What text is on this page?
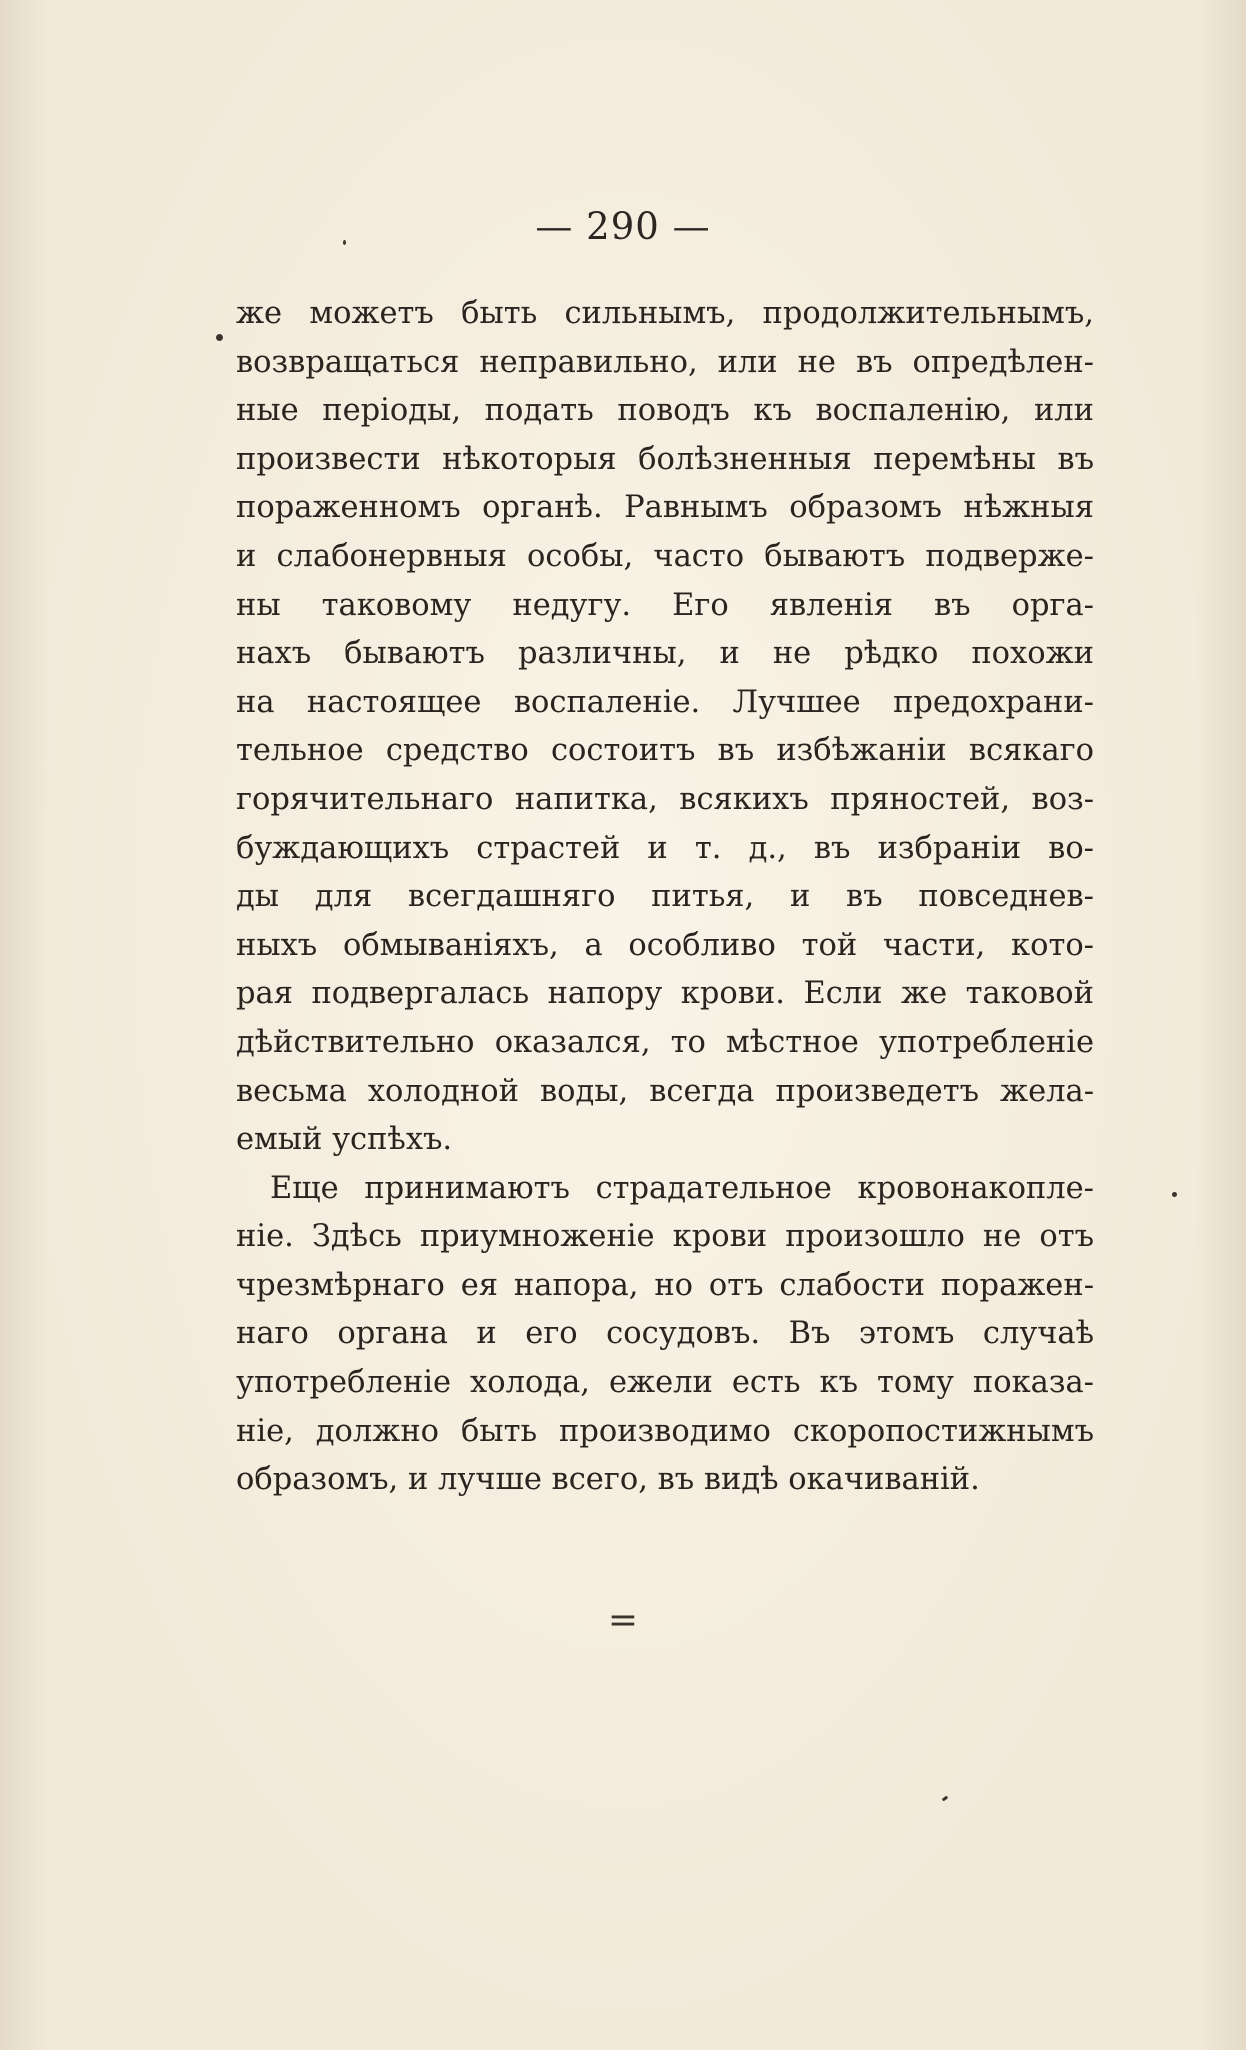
— 290 —
же можетъ быть сильнымъ, продолжительнымъ,
возвращаться неправильно, или не въ опредѣлен-
ные періоды, подать поводъ къ воспаленію, или
произвести нѣкоторыя болѣзненныя перемѣны въ
пораженномъ органѣ. Равнымъ образомъ нѣжныя
и слабонервныя особы, часто бываютъ подверже-
ны таковому недугу. Его явленія въ орга-
нахъ бываютъ различны, и не рѣдко похожи
на настоящее воспаленіе. Лучшее предохрани-
тельное средство состоитъ въ избѣжаніи всякаго
горячительнаго напитка, всякихъ пряностей, воз-
буждающихъ страстей и т. д., въ избраніи во-
ды для всегдашняго питья, и въ повседнев-
ныхъ обмываніяхъ, а особливо той части, кото-
рая подвергалась напору крови. Если же таковой
дѣйствительно оказался, то мѣстное употребленіе
весьма холодной воды, всегда произведетъ жела-
емый успѣхъ.
Еще принимаютъ страдательное кровонакопле-
ніе. Здѣсь приумноженіе крови произошло не отъ
чрезмѣрнаго ея напора, но отъ слабости поражен-
наго органа и его сосудовъ. Въ этомъ случаѣ
употребленіе холода, ежели есть къ тому показа-
ніе, должно быть производимо скоропостижнымъ
образомъ, и лучше всего, въ видѣ окачиваній.
=
